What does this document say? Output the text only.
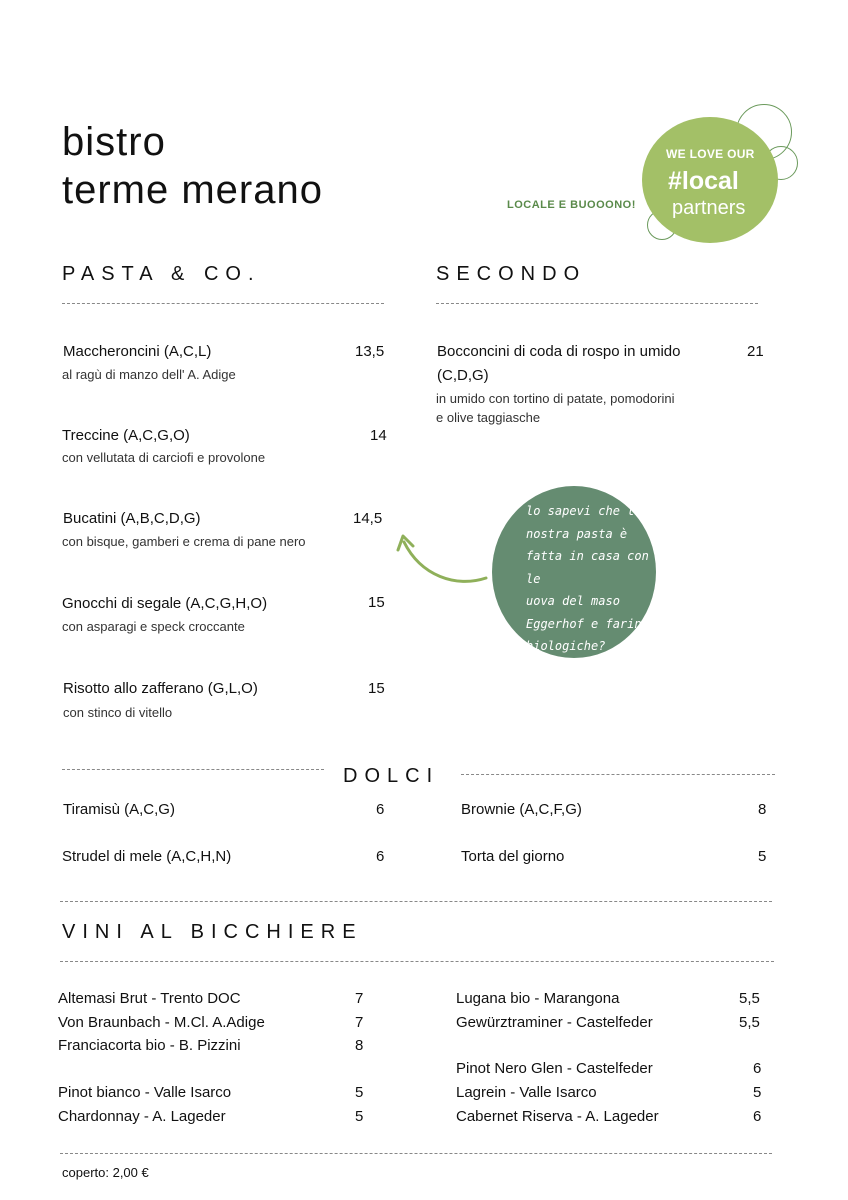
bistro
terme merano	LOCALE E BUOOONO!
WE LOVE OUR
#local
partners
PASTA & CO.
Maccheroncini (A,C,L)	13,5
al ragù di manzo dell' A. Adige
Treccine (A,C,G,O)	14
con vellutata di carciofi e provolone
Bucatini (A,B,C,D,G)	14,5
con bisque, gamberi e crema di pane nero
Gnocchi di segale (A,C,G,H,O)	15
con asparagi e speck croccante
Risotto allo zafferano (G,L,O)	15
con stinco di vitello
SECONDO
Bocconcini di coda di rospo in umido	21
(C,D,G)
in umido con tortino di patate, pomodorini
e olive taggiasche
lo sapevi che la
nostra pasta è
fatta in casa con le
uova del maso
Eggerhof e farine
biologiche?
DOLCI
Tiramisù (A,C,G)	6
Strudel di mele (A,C,H,N)	6
Brownie (A,C,F,G)	8
Torta del giorno	5
VINI AL BICCHIERE
Altemasi Brut - Trento DOC	7
Von Braunbach - M.Cl. A.Adige	7
Franciacorta bio - B. Pizzini	8
Pinot bianco - Valle Isarco	5
Chardonnay - A. Lageder	5
Lugana bio - Marangona	5,5
Gewürztraminer - Castelfeder	5,5
Pinot Nero Glen - Castelfeder	6
Lagrein - Valle Isarco	5
Cabernet Riserva - A. Lageder	6
coperto: 2,00 €
